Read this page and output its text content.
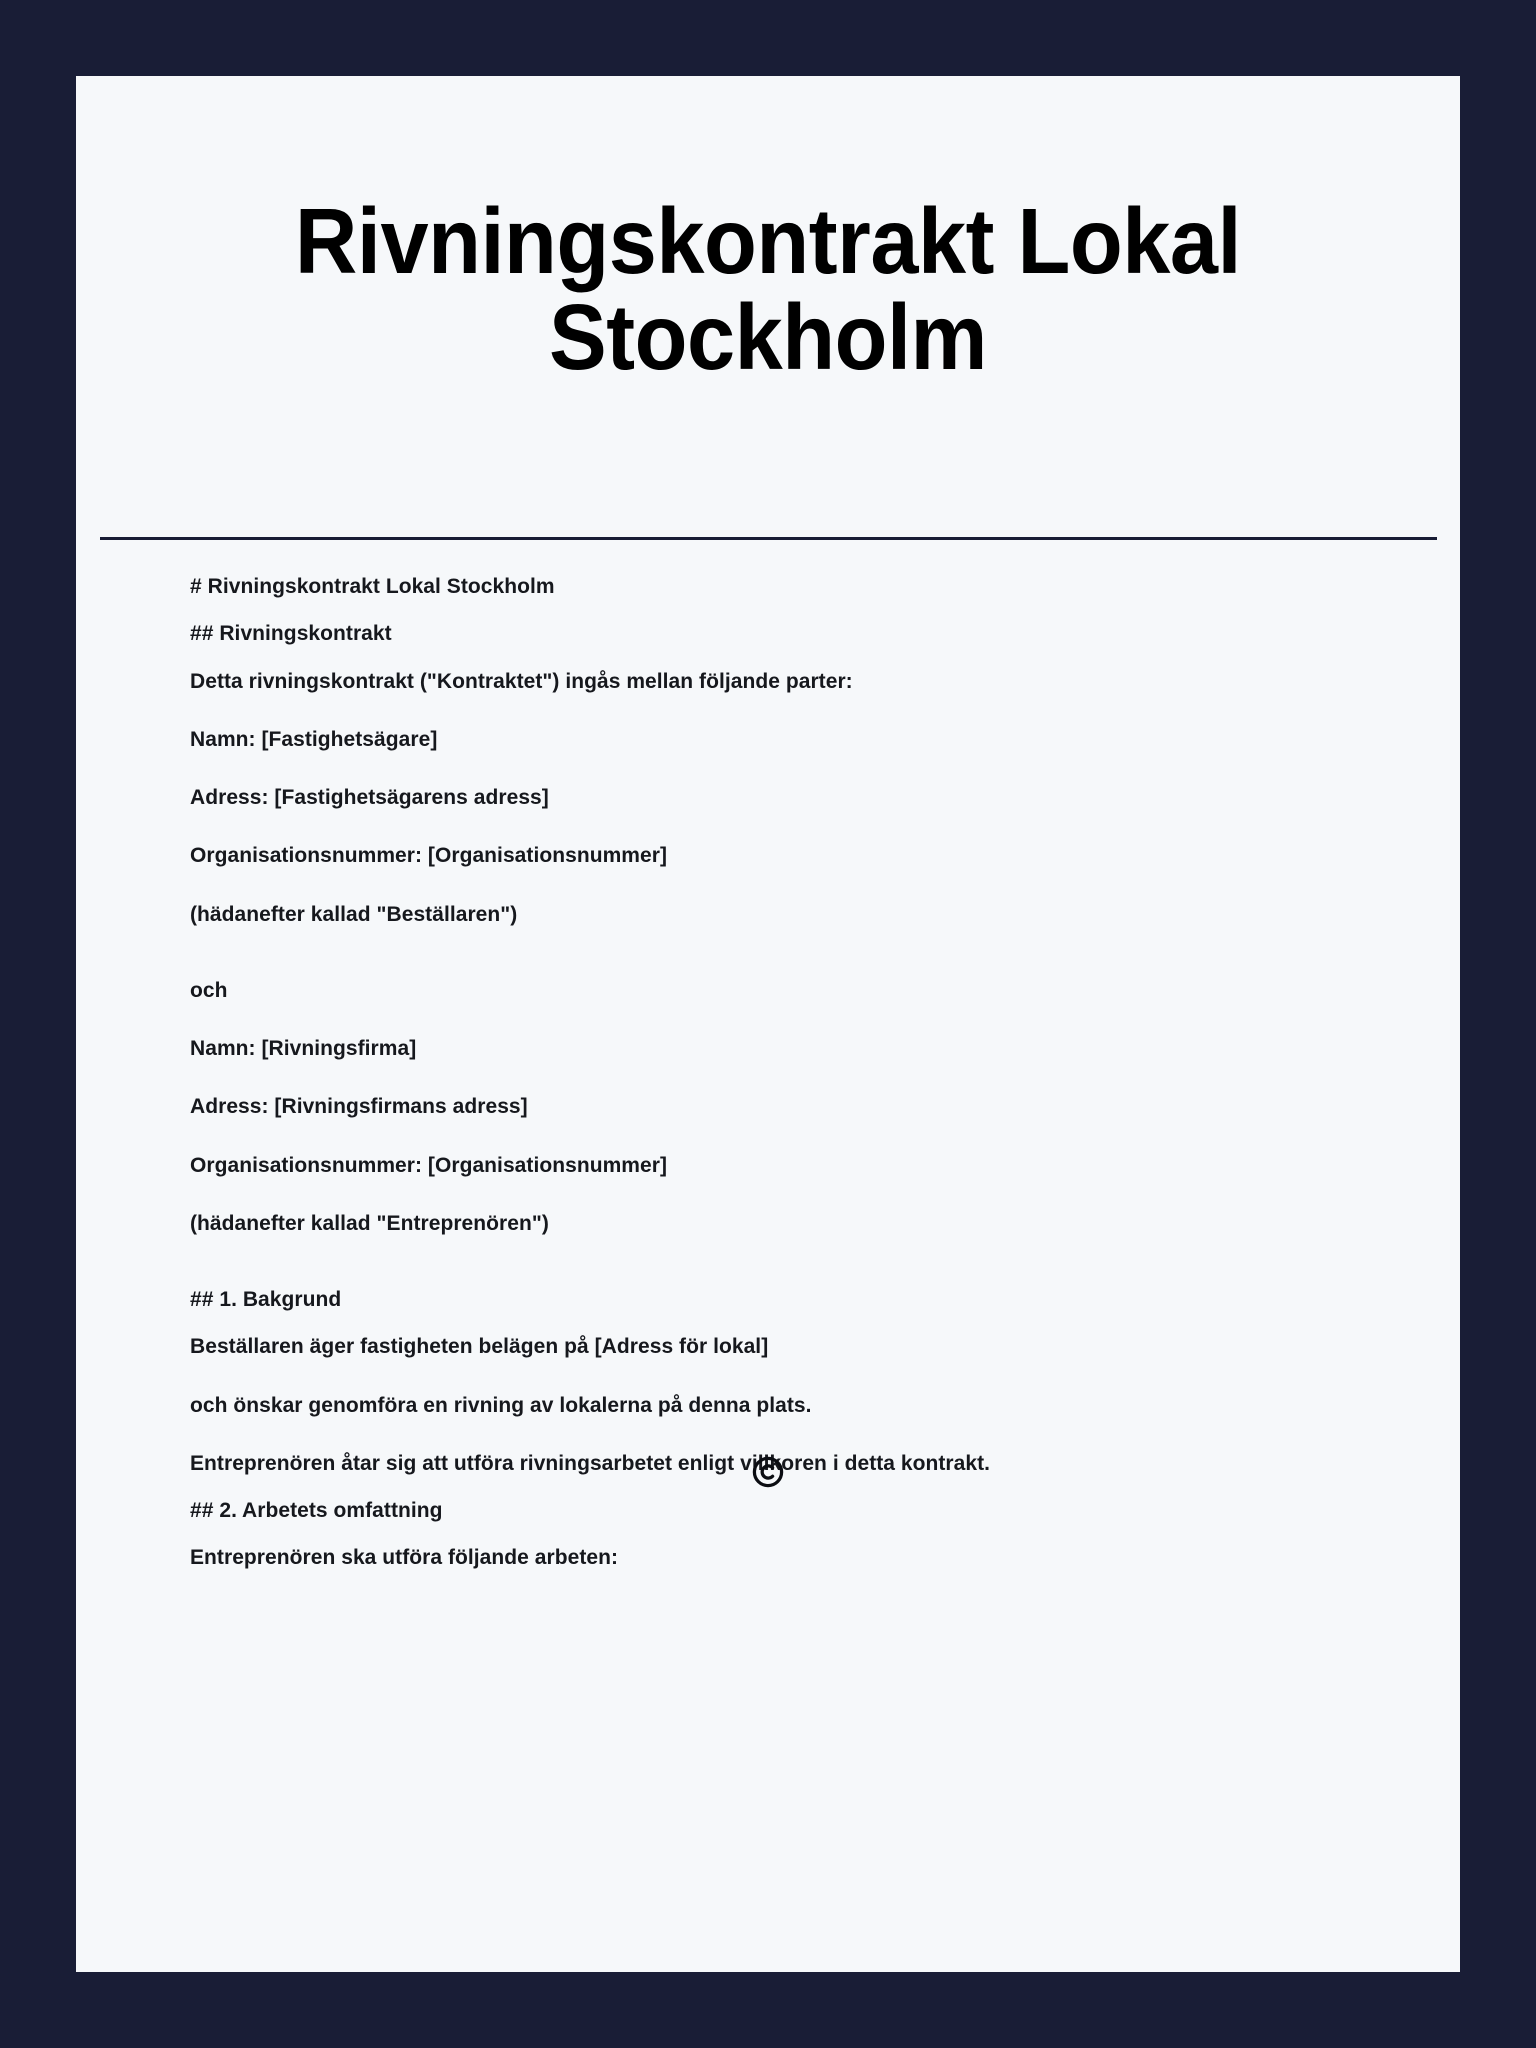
Rivningskontrakt Lokal Stockholm

# Rivningskontrakt Lokal Stockholm

## Rivningskontrakt

Detta rivningskontrakt ("Kontraktet") ingås mellan följande parter:

Namn: [Fastighetsägare]

Adress: [Fastighetsägarens adress]

Organisationsnummer: [Organisationsnummer]

(hädanefter kallad "Beställaren")

och

Namn: [Rivningsfirma]

Adress: [Rivningsfirmans adress]

Organisationsnummer: [Organisationsnummer]

(hädanefter kallad "Entreprenören")

## 1. Bakgrund

Beställaren äger fastigheten belägen på [Adress för lokal]

och önskar genomföra en rivning av lokalerna på denna plats.

Entreprenören åtar sig att utföra rivningsarbetet enligt villkoren i detta kontrakt.

## 2. Arbetets omfattning

Entreprenören ska utföra följande arbeten:
